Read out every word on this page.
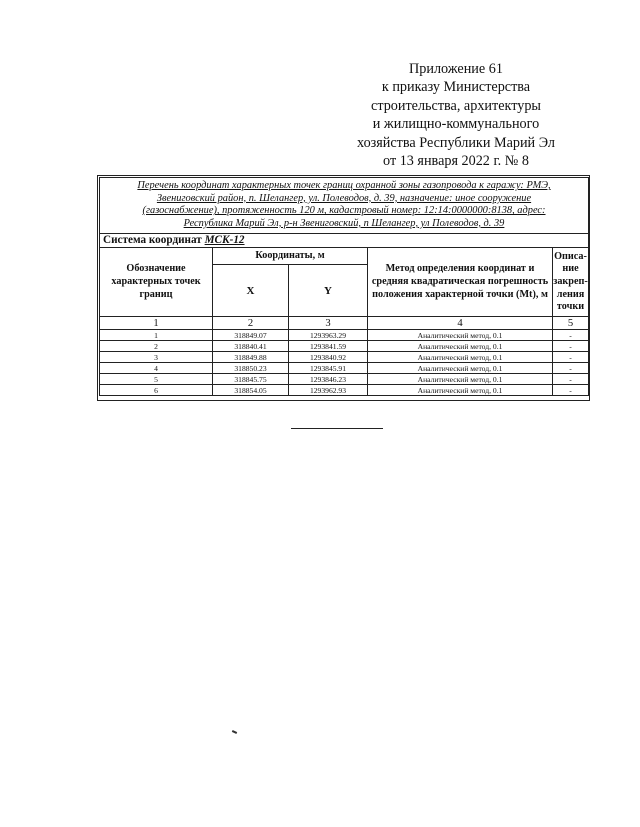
Приложение 61
к приказу Министерства
строительства, архитектуры
и жилищно-коммунального
хозяйства Республики Марий Эл
от 13 января 2022 г. № 8
Перечень координат характерных точек границ охранной зоны газопровода к гаражу: РМЭ,
Звениговский район, п. Шелангер, ул. Полеводов, д. 39, назначение: иное сооружение
(газоснабжение), протяженность 120 м, кадастровый номер: 12:14:0000000:8138, адрес:
Республика Марий Эл, р-н Звениговский, п Шелангер, ул Полеводов, д. 39				

Система координат МСК-12				
Обозначение характерных точек границ	Координаты, м		Метод определения координат и средняя квадратическая погрешность положения характерной точки (Mt), м	Описа-
ние
закреп-
ления
точки

	X	Y		
1	2	3	4	5
1	318849.07	1293963.29	Аналитический метод, 0.1	-
2	318840.41	1293841.59	Аналитический метод, 0.1	-
3	318849.88	1293840.92	Аналитический метод, 0.1	-
4	318850.23	1293845.91	Аналитический метод, 0.1	-
5	318845.75	1293846.23	Аналитический метод, 0.1	-
6	318854.05	1293962.93	Аналитический метод, 0.1	-
